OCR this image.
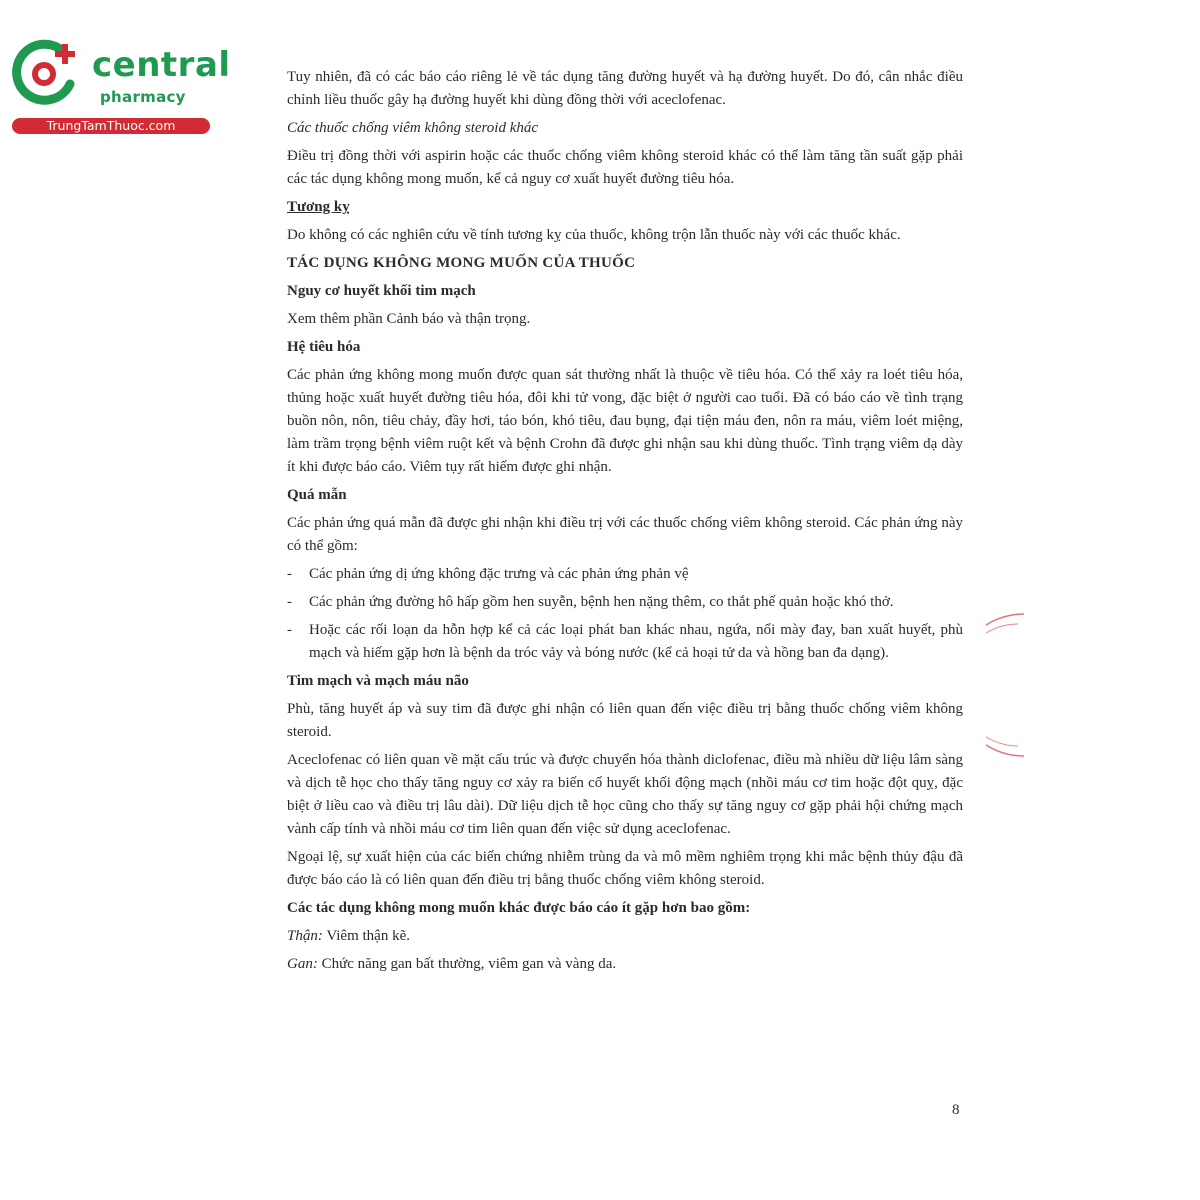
central
pharmacy
TrungTamThuoc.com

Tuy nhiên, đã có các báo cáo riêng lẻ về tác dụng tăng đường huyết và hạ đường huyết. Do đó, cân nhắc điều chỉnh liều thuốc gây hạ đường huyết khi dùng đồng thời với aceclofenac.

Các thuốc chống viêm không steroid khác

Điều trị đồng thời với aspirin hoặc các thuốc chống viêm không steroid khác có thể làm tăng tần suất gặp phải các tác dụng không mong muốn, kể cả nguy cơ xuất huyết đường tiêu hóa.

Tương kỵ

Do không có các nghiên cứu về tính tương kỵ của thuốc, không trộn lẫn thuốc này với các thuốc khác.

TÁC DỤNG KHÔNG MONG MUỐN CỦA THUỐC
Nguy cơ huyết khối tim mạch

Xem thêm phần Cảnh báo và thận trọng.

Hệ tiêu hóa

Các phản ứng không mong muốn được quan sát thường nhất là thuộc về tiêu hóa. Có thể xảy ra loét tiêu hóa, thủng hoặc xuất huyết đường tiêu hóa, đôi khi tử vong, đặc biệt ở người cao tuổi. Đã có báo cáo về tình trạng buồn nôn, nôn, tiêu chảy, đầy hơi, táo bón, khó tiêu, đau bụng, đại tiện máu đen, nôn ra máu, viêm loét miệng, làm trầm trọng bệnh viêm ruột kết và bệnh Crohn đã được ghi nhận sau khi dùng thuốc. Tình trạng viêm dạ dày ít khi được báo cáo. Viêm tụy rất hiếm được ghi nhận.

Quá mẫn

Các phản ứng quá mẫn đã được ghi nhận khi điều trị với các thuốc chống viêm không steroid. Các phản ứng này có thể gồm:

- Các phản ứng dị ứng không đặc trưng và các phản ứng phản vệ
- Các phản ứng đường hô hấp gồm hen suyễn, bệnh hen nặng thêm, co thắt phế quản hoặc khó thở.
- Hoặc các rối loạn da hỗn hợp kể cả các loại phát ban khác nhau, ngứa, nổi mày đay, ban xuất huyết, phù mạch và hiếm gặp hơn là bệnh da tróc vảy và bóng nước (kể cả hoại tử da và hồng ban đa dạng).
Tim mạch và mạch máu não

Phù, tăng huyết áp và suy tim đã được ghi nhận có liên quan đến việc điều trị bằng thuốc chống viêm không steroid.

Aceclofenac có liên quan về mặt cấu trúc và được chuyển hóa thành diclofenac, điều mà nhiều dữ liệu lâm sàng và dịch tễ học cho thấy tăng nguy cơ xảy ra biến cố huyết khối động mạch (nhồi máu cơ tim hoặc đột quỵ, đặc biệt ở liều cao và điều trị lâu dài). Dữ liệu dịch tễ học cũng cho thấy sự tăng nguy cơ gặp phải hội chứng mạch vành cấp tính và nhồi máu cơ tim liên quan đến việc sử dụng aceclofenac.

Ngoại lệ, sự xuất hiện của các biến chứng nhiễm trùng da và mô mềm nghiêm trọng khi mắc bệnh thủy đậu đã được báo cáo là có liên quan đến điều trị bằng thuốc chống viêm không steroid.

Các tác dụng không mong muốn khác được báo cáo ít gặp hơn bao gồm:

Thận: Viêm thận kẽ.

Gan: Chức năng gan bất thường, viêm gan và vàng da.

8
